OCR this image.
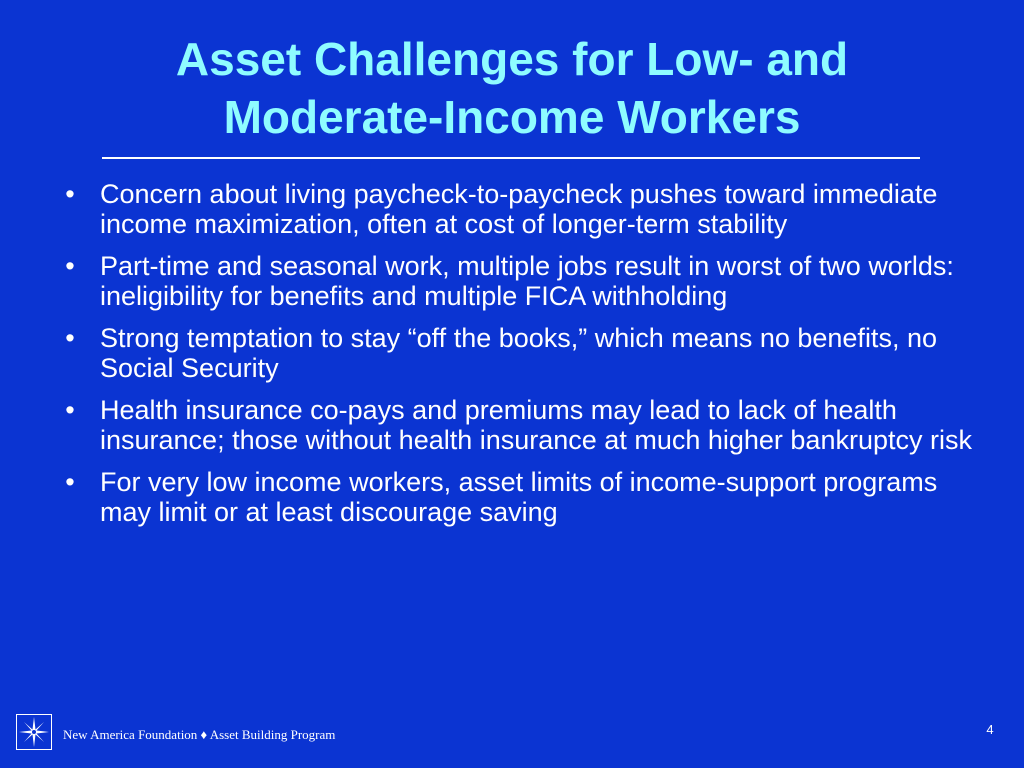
Asset Challenges for Low- and
Moderate-Income Workers
• Concern about living paycheck-to-paycheck pushes toward immediate income maximization, often at cost of longer-term stability
• Part-time and seasonal work, multiple jobs result in worst of two worlds: ineligibility for benefits and multiple FICA withholding
• Strong temptation to stay “off the books,” which means no benefits, no Social Security
• Health insurance co-pays and premiums may lead to lack of health insurance; those without health insurance at much higher bankruptcy risk
• For very low income workers, asset limits of income-support programs may limit or at least discourage saving
New America Foundation ♦ Asset Building Program	4
